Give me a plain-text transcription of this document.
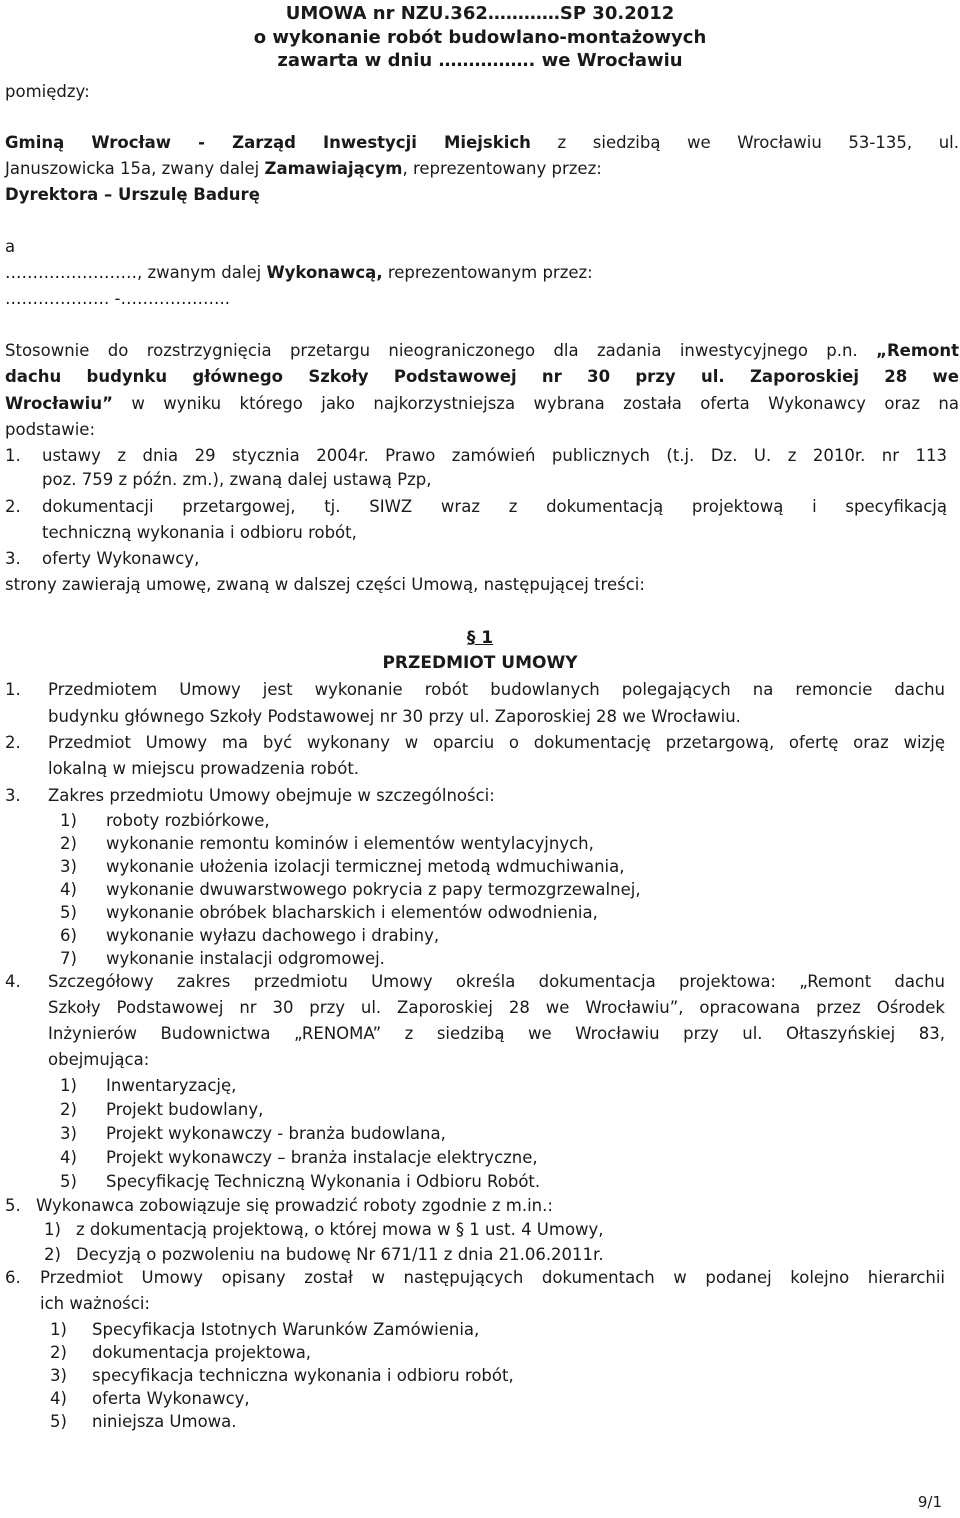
UMOWA nr NZU.362…………SP 30.2012
o wykonanie robót budowlano-montażowych
zawarta w dniu ……………. we Wrocławiu
pomiędzy:
Gminą Wrocław - Zarząd Inwestycji Miejskich z siedzibą we Wrocławiu 53-135, ul.
Januszowicka 15a, zwany dalej Zamawiającym, reprezentowany przez:
Dyrektora – Urszulę Badurę
a
……………………, zwanym dalej Wykonawcą, reprezentowanym przez:
………………. -………………..
Stosownie do rozstrzygnięcia przetargu nieograniczonego dla zadania inwestycyjnego p.n. „Remont
dachu budynku głównego Szkoły Podstawowej nr 30 przy ul. Zaporoskiej 28 we
Wrocławiu” w wyniku którego jako najkorzystniejsza wybrana została oferta Wykonawcy oraz na
podstawie:
1. ustawy z dnia 29 stycznia 2004r. Prawo zamówień publicznych (t.j. Dz. U. z 2010r. nr 113
poz. 759 z późn. zm.), zwaną dalej ustawą Pzp,
2. dokumentacji przetargowej, tj. SIWZ wraz z dokumentacją projektową i specyfikacją
techniczną wykonania i odbioru robót,
3. oferty Wykonawcy,
strony zawierają umowę, zwaną w dalszej części Umową, następującej treści:
§ 1
PRZEDMIOT UMOWY
1. Przedmiotem Umowy jest wykonanie robót budowlanych polegających na remoncie dachu
budynku głównego Szkoły Podstawowej nr 30 przy ul. Zaporoskiej 28 we Wrocławiu.
2. Przedmiot Umowy ma być wykonany w oparciu o dokumentację przetargową, ofertę oraz wizję
lokalną w miejscu prowadzenia robót.
3. Zakres przedmiotu Umowy obejmuje w szczególności:
1) roboty rozbiórkowe,
2) wykonanie remontu kominów i elementów wentylacyjnych,
3) wykonanie ułożenia izolacji termicznej metodą wdmuchiwania,
4) wykonanie dwuwarstwowego pokrycia z papy termozgrzewalnej,
5) wykonanie obróbek blacharskich i elementów odwodnienia,
6) wykonanie wyłazu dachowego i drabiny,
7) wykonanie instalacji odgromowej.
4. Szczegółowy zakres przedmiotu Umowy określa dokumentacja projektowa: „Remont dachu
Szkoły Podstawowej nr 30 przy ul. Zaporoskiej 28 we Wrocławiu”, opracowana przez Ośrodek
Inżynierów Budownictwa „RENOMA” z siedzibą we Wrocławiu przy ul. Ołtaszyńskiej 83,
obejmująca:
1) Inwentaryzację,
2) Projekt budowlany,
3) Projekt wykonawczy - branża budowlana,
4) Projekt wykonawczy – branża instalacje elektryczne,
5) Specyfikację Techniczną Wykonania i Odbioru Robót.
5. Wykonawca zobowiązuje się prowadzić roboty zgodnie z m.in.:
1) z dokumentacją projektową, o której mowa w § 1 ust. 4 Umowy,
2) Decyzją o pozwoleniu na budowę Nr 671/11 z dnia 21.06.2011r.
6. Przedmiot Umowy opisany został w następujących dokumentach w podanej kolejno hierarchii
ich ważności:
1) Specyfikacja Istotnych Warunków Zamówienia,
2) dokumentacja projektowa,
3) specyfikacja techniczna wykonania i odbioru robót,
4) oferta Wykonawcy,
5) niniejsza Umowa.
9/1
